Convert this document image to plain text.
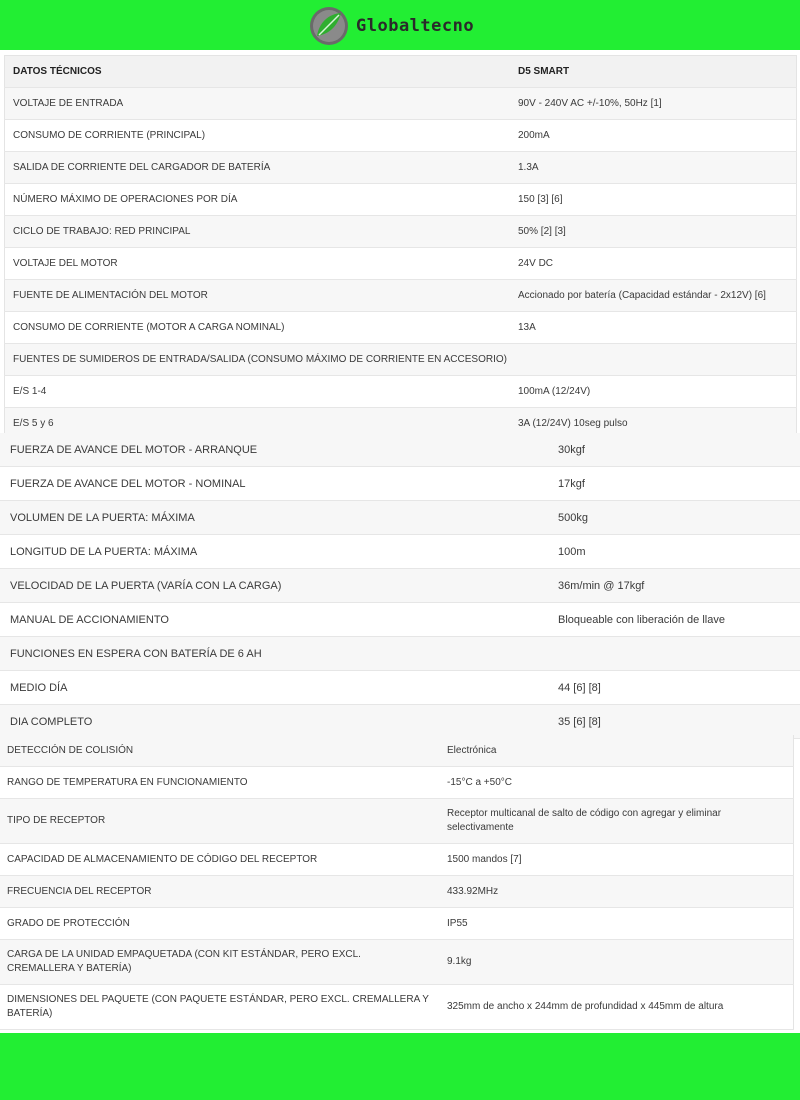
Globaltecno
DATOS TÉCNICOS	D5 SMART
VOLTAJE DE ENTRADA	90V - 240V AC +/-10%, 50Hz [1]
CONSUMO DE CORRIENTE (PRINCIPAL)	200mA
SALIDA DE CORRIENTE DEL CARGADOR DE BATERÍA	1.3A
NÚMERO MÁXIMO DE OPERACIONES POR DÍA	150 [3] [6]
CICLO DE TRABAJO: RED PRINCIPAL	50% [2] [3]
VOLTAJE DEL MOTOR	24V DC
FUENTE DE ALIMENTACIÓN DEL MOTOR	Accionado por batería (Capacidad estándar - 2x12V) [6]
CONSUMO DE CORRIENTE (MOTOR A CARGA NOMINAL)	13A
FUENTES DE SUMIDEROS DE ENTRADA/SALIDA (CONSUMO MÁXIMO DE CORRIENTE EN ACCESORIO)	
E/S 1-4	100mA (12/24V)
E/S 5 y 6	3A (12/24V) 10seg pulso
FUERZA DE AVANCE DEL MOTOR - ARRANQUE	30kgf
FUERZA DE AVANCE DEL MOTOR - NOMINAL	17kgf
VOLUMEN DE LA PUERTA: MÁXIMA	500kg
LONGITUD DE LA PUERTA: MÁXIMA	100m
VELOCIDAD DE LA PUERTA (VARÍA CON LA CARGA)	36m/min @ 17kgf
MANUAL DE ACCIONAMIENTO	Bloqueable con liberación de llave
FUNCIONES EN ESPERA CON BATERÍA DE 6 AH	
MEDIO DÍA	44 [6] [8]
DIA COMPLETO	35 [6] [8]
DETECCIÓN DE COLISIÓN	Electrónica
RANGO DE TEMPERATURA EN FUNCIONAMIENTO	-15°C a +50°C
TIPO DE RECEPTOR	Receptor multicanal de salto de código con agregar y eliminar selectivamente
CAPACIDAD DE ALMACENAMIENTO DE CÓDIGO DEL RECEPTOR	1500 mandos [7]
FRECUENCIA DEL RECEPTOR	433.92MHz
GRADO DE PROTECCIÓN	IP55
CARGA DE LA UNIDAD EMPAQUETADA (CON KIT ESTÁNDAR, PERO EXCL. CREMALLERA Y BATERÍA)	9.1kg
DIMENSIONES DEL PAQUETE (CON PAQUETE ESTÁNDAR, PERO EXCL. CREMALLERA Y BATERÍA)	325mm de ancho x 244mm de profundidad x 445mm de altura
